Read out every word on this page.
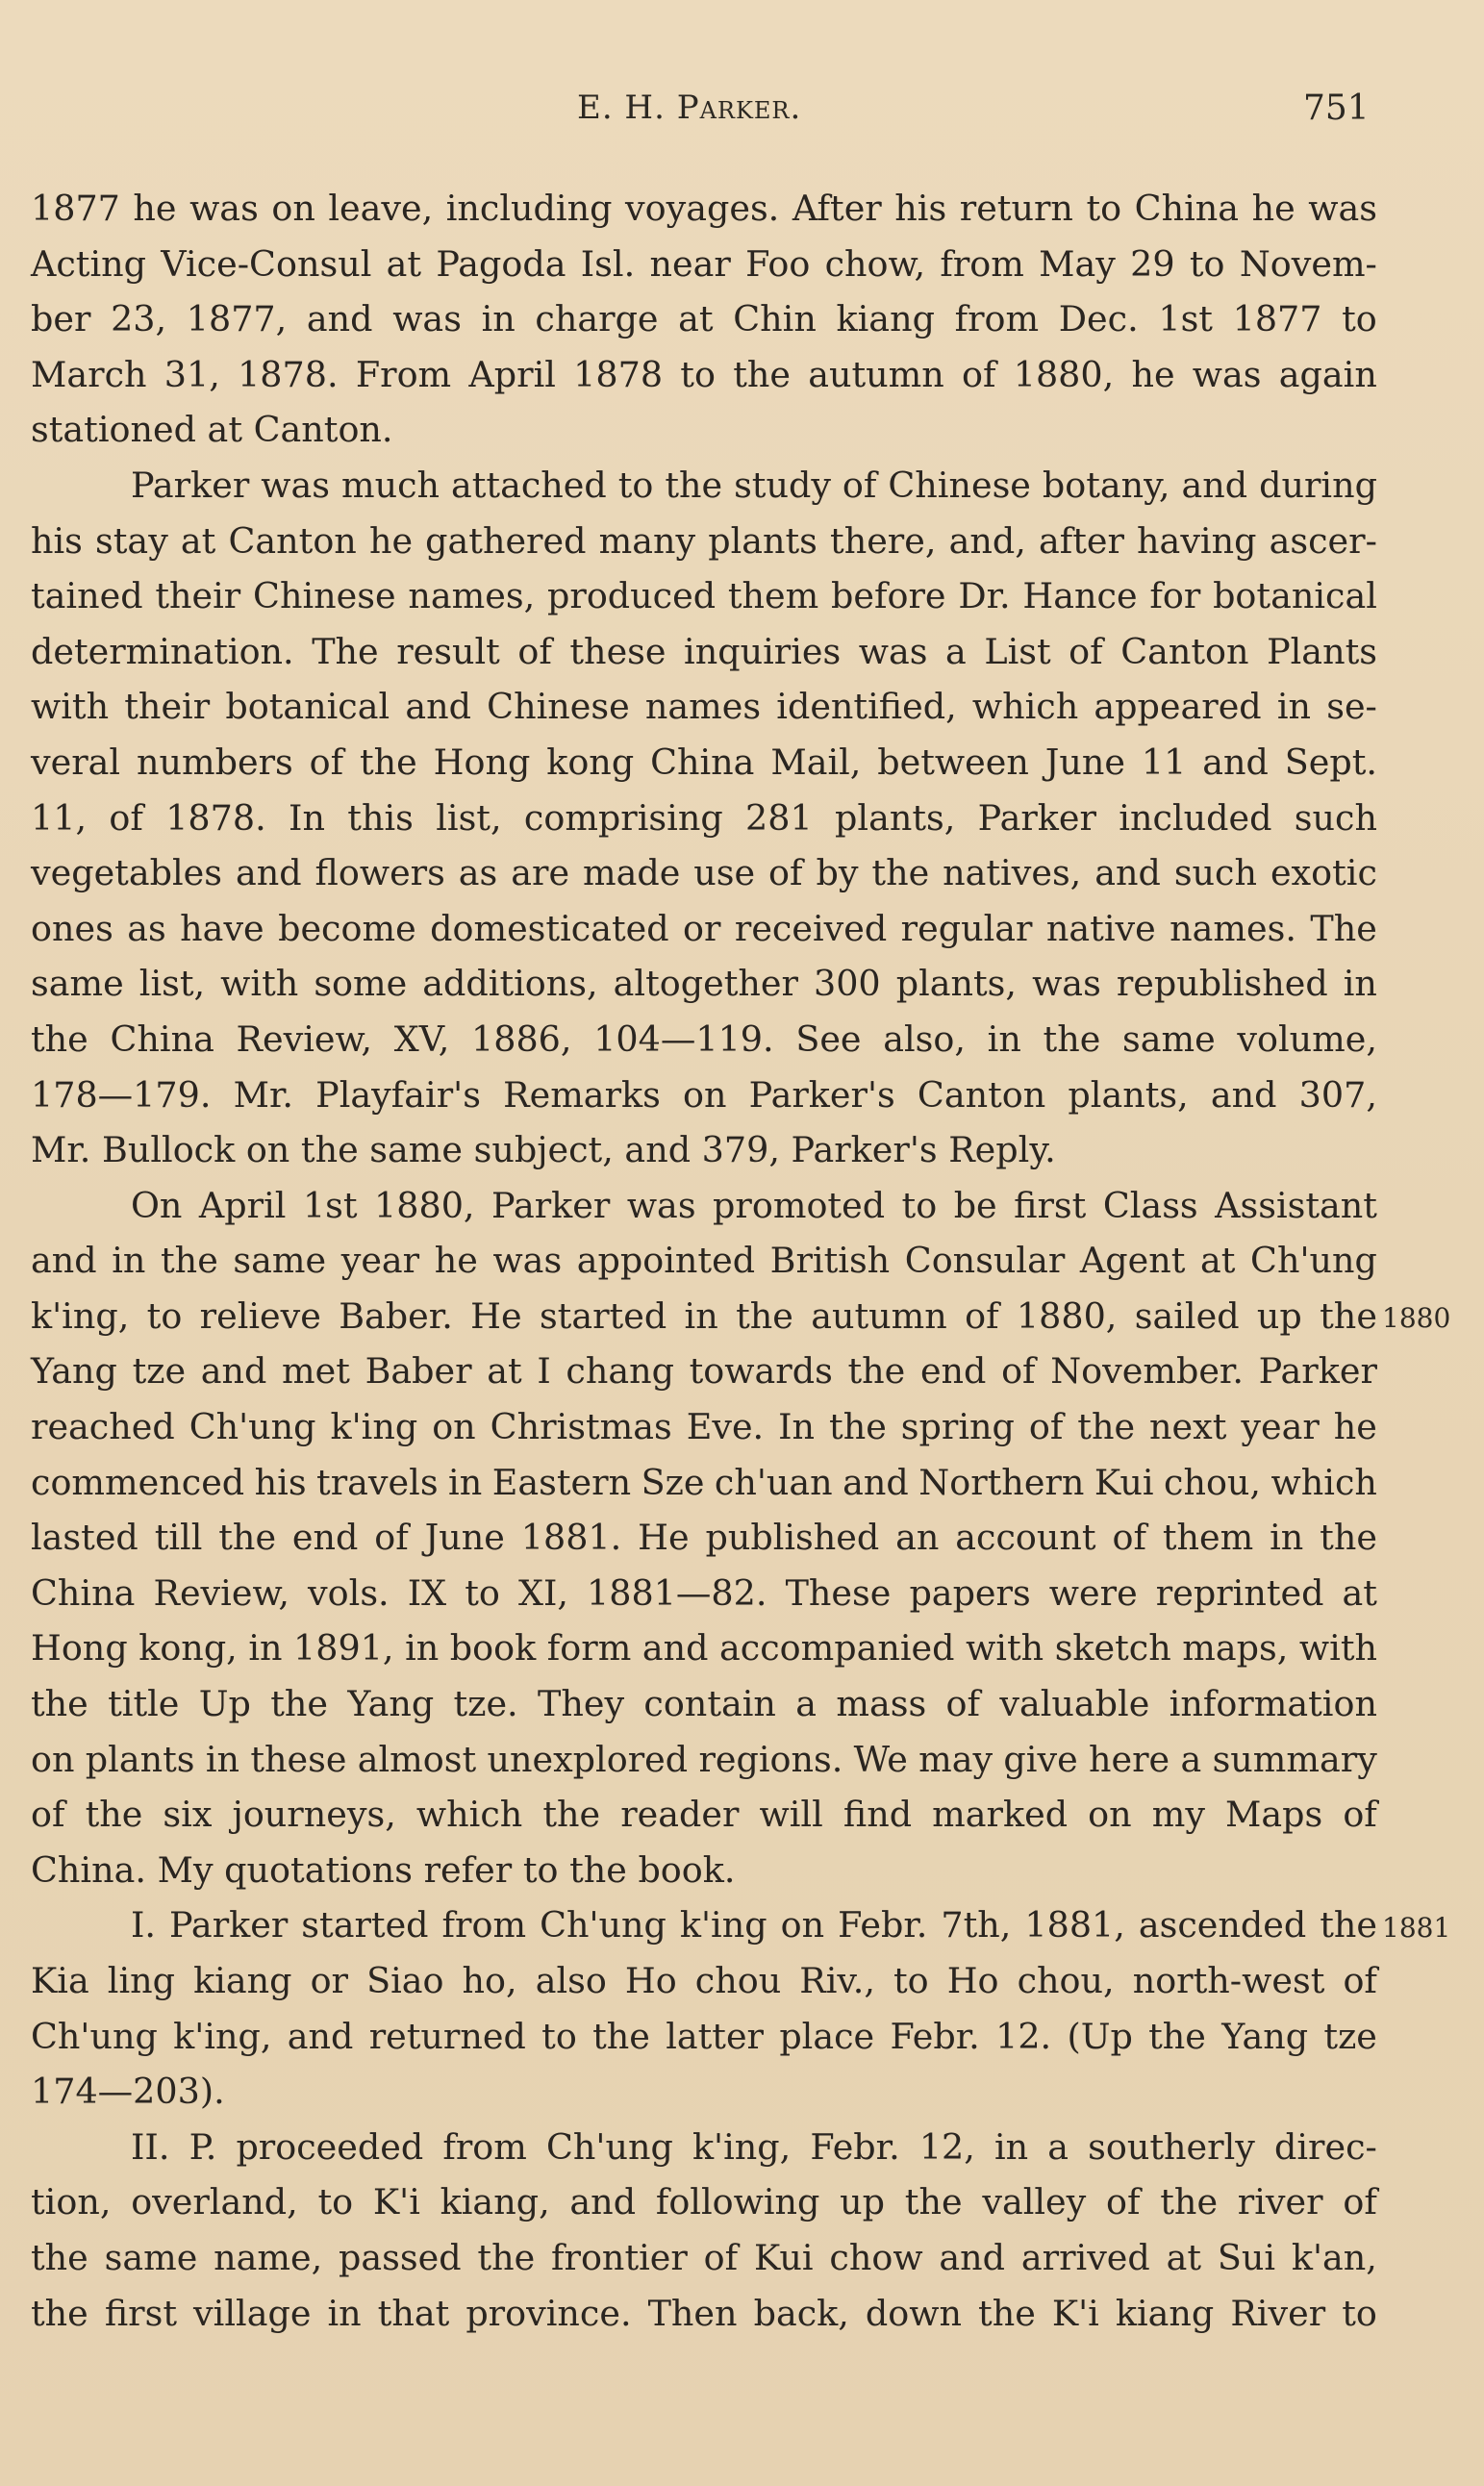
E. H. Parker.	751
1877 he was on leave, including voyages. After his return to China he was
Acting Vice-Consul at Pagoda Isl. near Foo chow, from May 29 to Novem-
ber 23, 1877, and was in charge at Chin kiang from Dec. 1st 1877 to
March 31, 1878. From April 1878 to the autumn of 1880, he was again
stationed at Canton.
Parker was much attached to the study of Chinese botany, and during
his stay at Canton he gathered many plants there, and, after having ascer-
tained their Chinese names, produced them before Dr. Hance for botanical
determination. The result of these inquiries was a List of Canton Plants
with their botanical and Chinese names identified, which appeared in se-
veral numbers of the Hong kong China Mail, between June 11 and Sept.
11, of 1878. In this list, comprising 281 plants, Parker included such
vegetables and flowers as are made use of by the natives, and such exotic
ones as have become domesticated or received regular native names. The
same list, with some additions, altogether 300 plants, was republished in
the China Review, XV, 1886, 104—119. See also, in the same volume,
178—179. Mr. Playfair's Remarks on Parker's Canton plants, and 307,
Mr. Bullock on the same subject, and 379, Parker's Reply.
On April 1st 1880, Parker was promoted to be first Class Assistant
and in the same year he was appointed British Consular Agent at Ch'ung
k'ing, to relieve Baber. He started in the autumn of 1880, sailed up the
Yang tze and met Baber at I chang towards the end of November. Parker
reached Ch'ung k'ing on Christmas Eve. In the spring of the next year he
commenced his travels in Eastern Sze ch'uan and Northern Kui chou, which
lasted till the end of June 1881. He published an account of them in the
China Review, vols. IX to XI, 1881—82. These papers were reprinted at
Hong kong, in 1891, in book form and accompanied with sketch maps, with
the title Up the Yang tze. They contain a mass of valuable information
on plants in these almost unexplored regions. We may give here a summary
of the six journeys, which the reader will find marked on my Maps of
China. My quotations refer to the book.
I. Parker started from Ch'ung k'ing on Febr. 7th, 1881, ascended the
Kia ling kiang or Siao ho, also Ho chou Riv., to Ho chou, north-west of
Ch'ung k'ing, and returned to the latter place Febr. 12. (Up the Yang tze
174—203).
II. P. proceeded from Ch'ung k'ing, Febr. 12, in a southerly direc-
tion, overland, to K'i kiang, and following up the valley of the river of
the same name, passed the frontier of Kui chow and arrived at Sui k'an,
the first village in that province. Then back, down the K'i kiang River to
1880
1881
